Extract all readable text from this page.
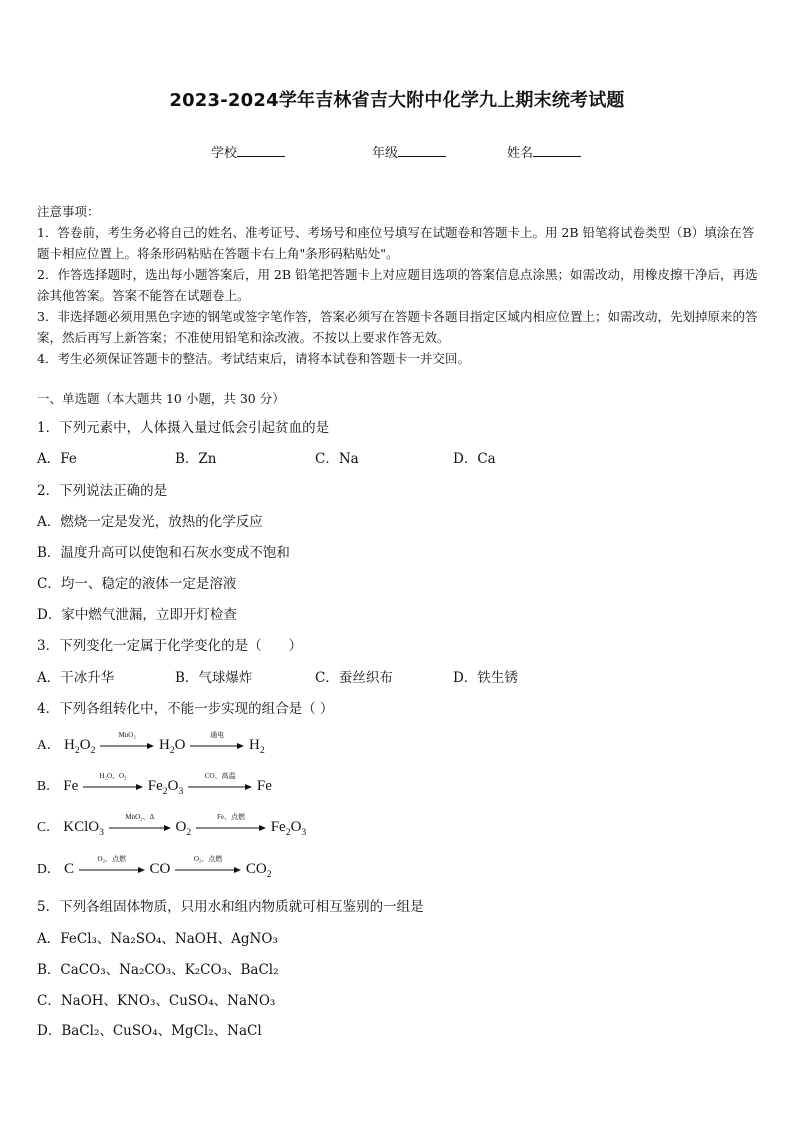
2023-2024学年吉林省吉大附中化学九上期末统考试题
学校	年级	姓名

注意事项：

1．答卷前，考生务必将自己的姓名、准考证号、考场号和座位号填写在试题卷和答题卡上。用 2B 铅笔将试卷类型（B）填涂在答题卡相应位置上。将条形码粘贴在答题卡右上角"条形码粘贴处"。

2．作答选择题时，选出每小题答案后，用 2B 铅笔把答题卡上对应题目选项的答案信息点涂黑；如需改动，用橡皮擦干净后，再选涂其他答案。答案不能答在试题卷上。

3．非选择题必须用黑色字迹的钢笔或签字笔作答，答案必须写在答题卡各题目指定区域内相应位置上；如需改动，先划掉原来的答案，然后再写上新答案；不准使用铅笔和涂改液。不按以上要求作答无效。

4．考生必须保证答题卡的整洁。考试结束后，请将本试卷和答题卡一并交回。

一、单选题（本大题共 10 小题，共 30 分）
1．下列元素中，人体摄入量过低会引起贫血的是
A．Fe	B．Zn	C．Na	D．Ca
2．下列说法正确的是
A．燃烧一定是发光，放热的化学反应
B．温度升高可以使饱和石灰水变成不饱和
C．均一、稳定的液体一定是溶液
D．家中燃气泄漏，立即开灯检查
3．下列变化一定属于化学变化的是（　　）
A．干冰升华	B．气球爆炸	C．蚕丝织布	D．铁生锈
4．下列各组转化中，不能一步实现的组合是（ ）
A． $H_2O_2$
MnO₂
$H_2O$
通电
$H_2$
B． Fe
H₂O、O₂
$Fe_2O_3$
CO、高温
Fe
C． KClO$_3$
MnO₂、Δ
$O_2$
Fe、点燃
$Fe_2O_3$
D． C
O₂、点燃
CO
O₂、点燃
$CO_2$
5．下列各组固体物质，只用水和组内物质就可相互鉴别的一组是
A．FeCl₃、Na₂SO₄、NaOH、AgNO₃
B．CaCO₃、Na₂CO₃、K₂CO₃、BaCl₂
C．NaOH、KNO₃、CuSO₄、NaNO₃
D．BaCl₂、CuSO₄、MgCl₂、NaCl
